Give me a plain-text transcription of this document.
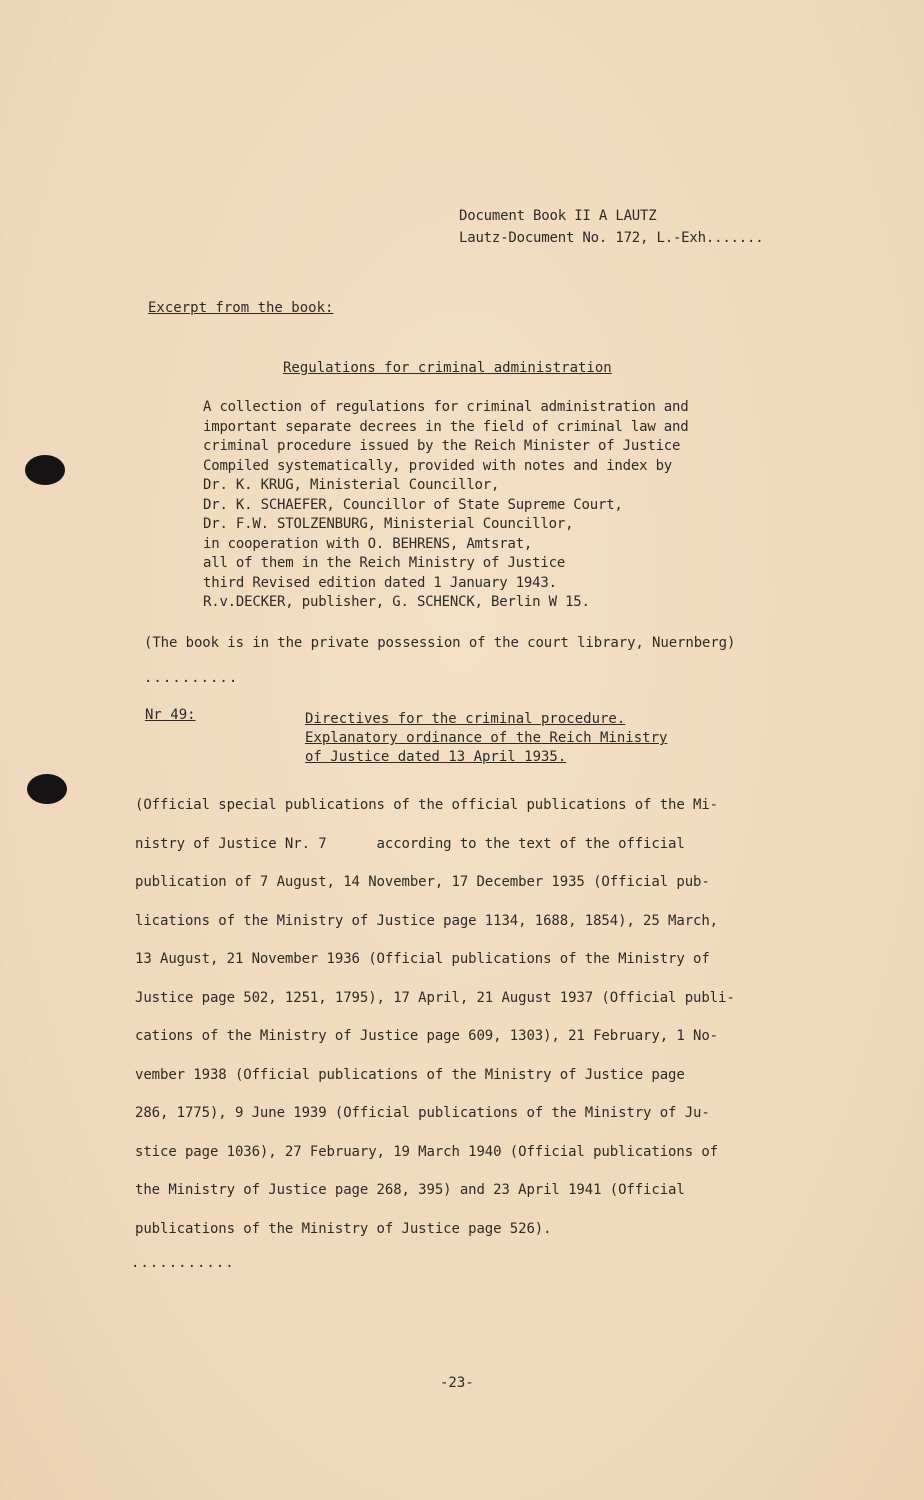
Document Book II A LAUTZ
Lautz-Document No. 172, L.-Exh.......
Excerpt from the book:
Regulations for criminal administration
A collection of regulations for criminal administration and
important separate decrees in the field of criminal law and
criminal procedure issued by the Reich Minister of Justice
Compiled systematically, provided with notes and index by
Dr. K. KRUG, Ministerial Councillor,
Dr. K. SCHAEFER, Councillor of State Supreme Court,
Dr. F.W. STOLZENBURG, Ministerial Councillor,
in cooperation with O. BEHRENS, Amtsrat,
all of them in the Reich Ministry of Justice
third Revised edition dated 1 January 1943.
R.v.DECKER, publisher, G. SCHENCK, Berlin W 15.
(The book is in the private possession of the court library, Nuernberg)
..........
Nr 49:	Directives for the criminal procedure.
Explanatory ordinance of the Reich Ministry
of Justice dated 13 April 1935.
(Official special publications of the official publications of the Mi-
nistry of Justice Nr. 7      according to the text of the official
publication of 7 August, 14 November, 17 December 1935 (Official pub-
lications of the Ministry of Justice page 1134, 1688, 1854), 25 March,
13 August, 21 November 1936 (Official publications of the Ministry of
Justice page 502, 1251, 1795), 17 April, 21 August 1937 (Official publi-
cations of the Ministry of Justice page 609, 1303), 21 February, 1 No-
vember 1938 (Official publications of the Ministry of Justice page
286, 1775), 9 June 1939 (Official publications of the Ministry of Ju-
stice page 1036), 27 February, 19 March 1940 (Official publications of
the Ministry of Justice page 268, 395) and 23 April 1941 (Official
publications of the Ministry of Justice page 526).
...........
-23-
